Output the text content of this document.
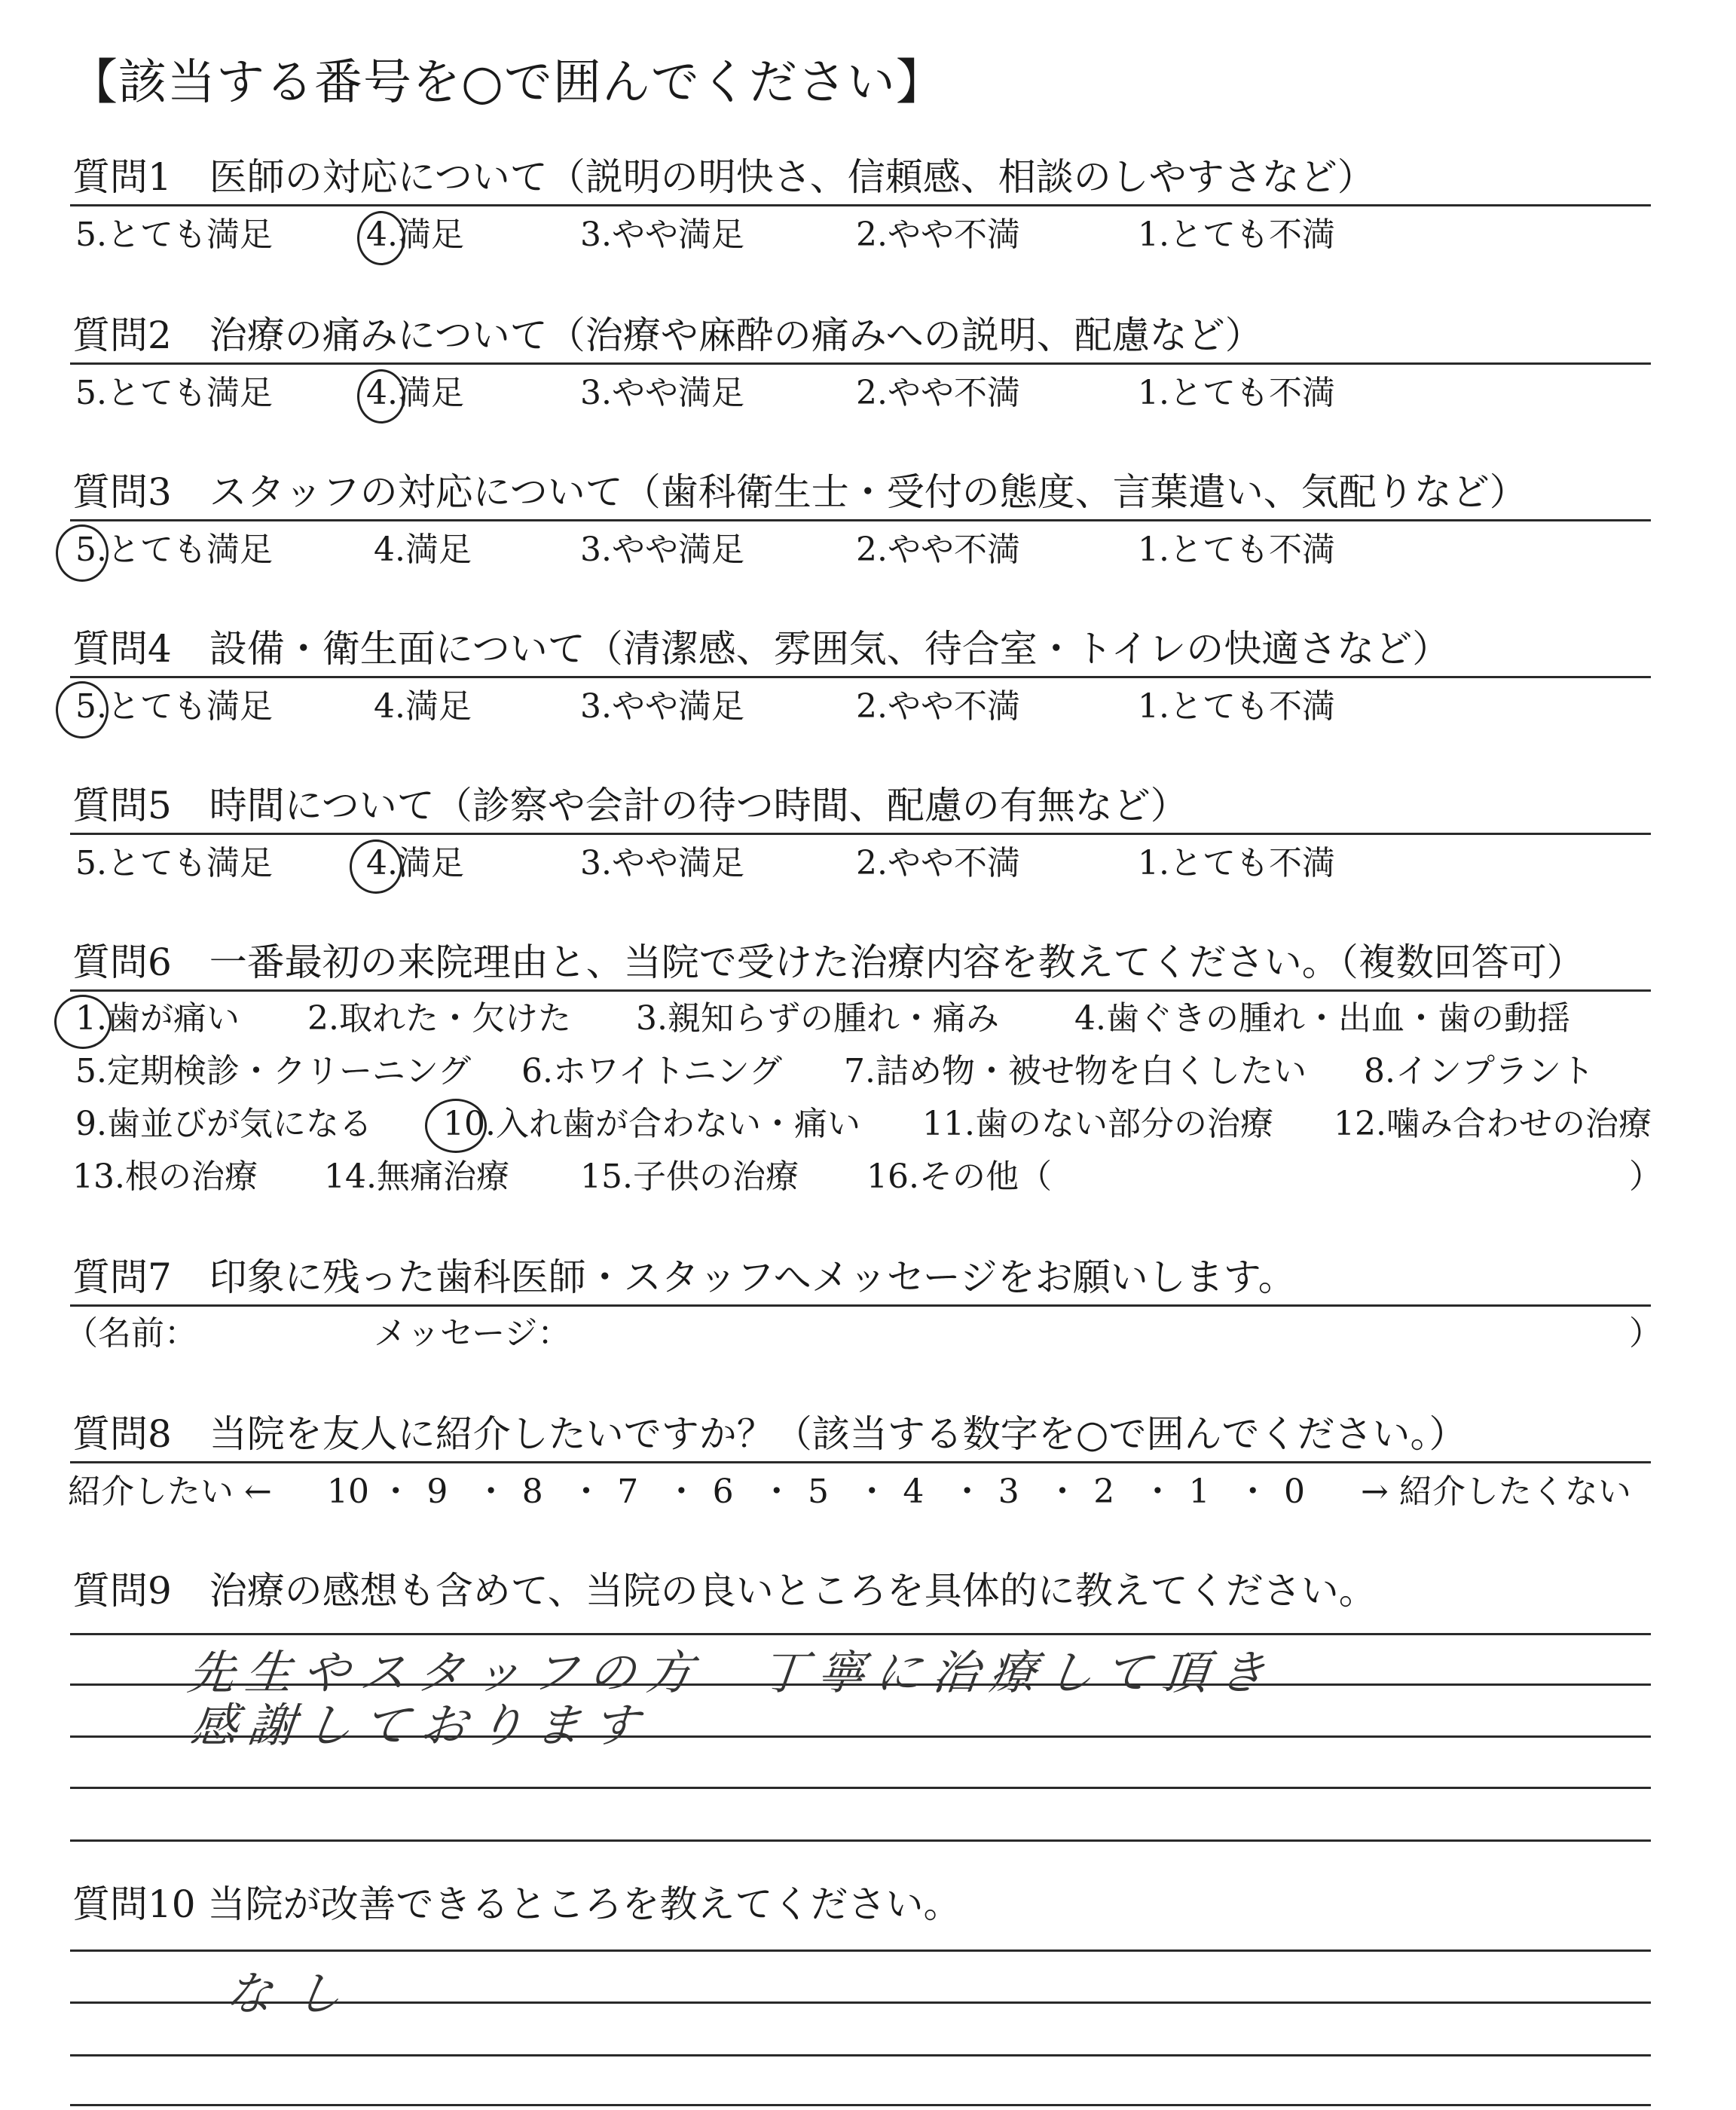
【該当する番号を○で囲んでください】
質問1　医師の対応について（説明の明快さ、信頼感、相談のしやすさなど）
5.とても満足	4.満足	3.やや満足	2.やや不満	1.とても不満
質問2　治療の痛みについて（治療や麻酔の痛みへの説明、配慮など）
5.とても満足	4.満足	3.やや満足	2.やや不満	1.とても不満
質問3　スタッフの対応について（歯科衛生士・受付の態度、言葉遣い、気配りなど）
5.とても満足	4.満足	3.やや満足	2.やや不満	1.とても不満
質問4　設備・衛生面について（清潔感、雰囲気、待合室・トイレの快適さなど）
5.とても満足	4.満足	3.やや満足	2.やや不満	1.とても不満
質問5　時間について（診察や会計の待つ時間、配慮の有無など）
5.とても満足	4.満足	3.やや満足	2.やや不満	1.とても不満
質問6　一番最初の来院理由と、当院で受けた治療内容を教えてください。（複数回答可）
1.歯が痛い 2.取れた・欠けた 3.親知らずの腫れ・痛み 4.歯ぐきの腫れ・出血・歯の動揺
5.定期検診・クリーニング 6.ホワイトニング 7.詰め物・被せ物を白くしたい 8.インプラント
9.歯並びが気になる 10.入れ歯が合わない・痛い 11.歯のない部分の治療 12.噛み合わせの治療
13.根の治療 14.無痛治療 15.子供の治療 16.その他（	）
質問7　印象に残った歯科医師・スタッフへメッセージをお願いします。
（名前：	メッセージ：	）
質問8　当院を友人に紹介したいですか？（該当する数字を○で囲んでください。）
紹介したい ← 10 ・ 9 ・ 8 ・ 7 ・ 6 ・ 5 ・ 4 ・ 3 ・ 2 ・ 1 ・ 0 → 紹介したくない
質問9　治療の感想も含めて、当院の良いところを具体的に教えてください。
先生やスタッフの方　丁寧に治療して頂き
感謝しております
質問10 当院が改善できるところを教えてください。
なし
